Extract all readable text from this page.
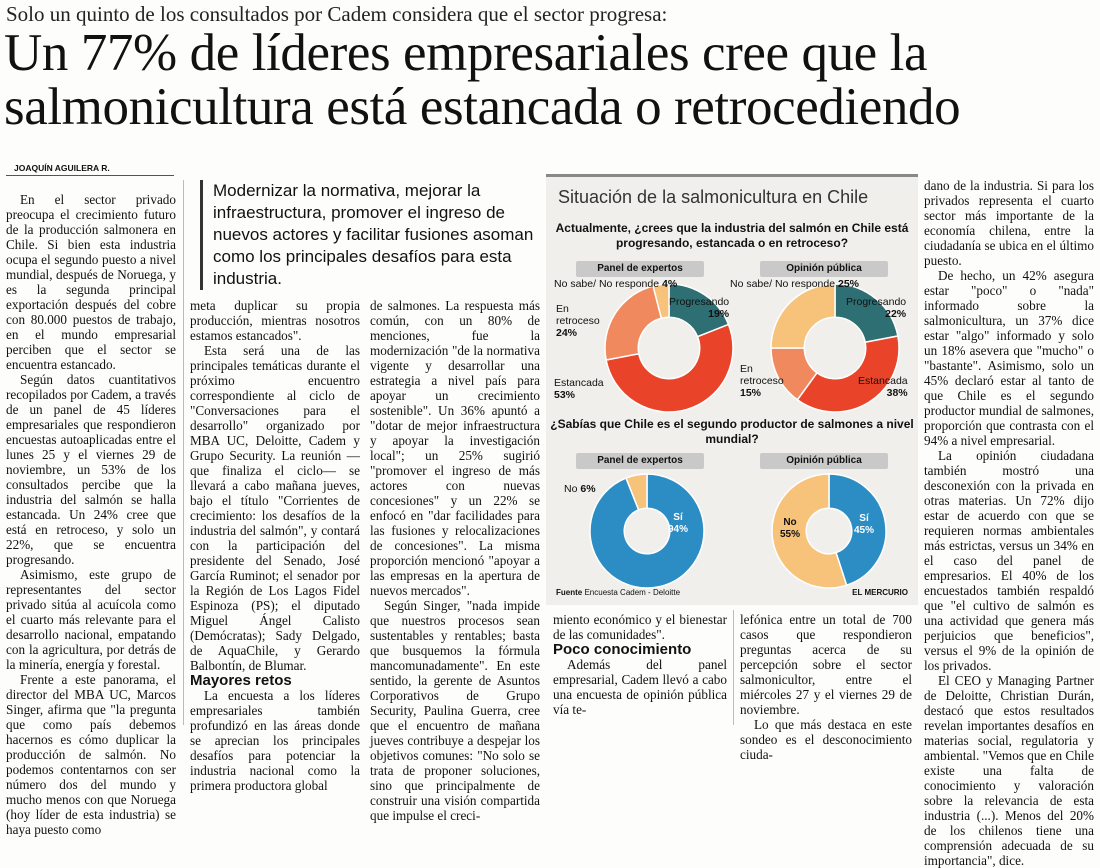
Solo un quinto de los consultados por Cadem considera que el sector progresa:
Un 77% de líderes empresariales cree que la salmonicultura está estancada o retrocediendo
JOAQUÍN AGUILERA R.

En el sector privado preocupa el crecimiento futuro de la producción salmonera en Chile. Si bien esta industria ocupa el segundo puesto a nivel mundial, después de Noruega, y es la segunda principal exportación después del cobre con 80.000 puestos de trabajo, en el mundo empresarial perciben que el sector se encuentra estancado.

Según datos cuantitativos recopilados por Cadem, a través de un panel de 45 líderes empresariales que respondieron encuestas autoaplicadas entre el lunes 25 y el viernes 29 de noviembre, un 53% de los consultados percibe que la industria del salmón se halla estancada. Un 24% cree que está en retroceso, y solo un 22%, que se encuentra progresando.

Asimismo, este grupo de representantes del sector privado sitúa al acuícola como el cuarto más relevante para el desarrollo nacional, empatando con la agricultura, por detrás de la minería, energía y forestal.

Frente a este panorama, el director del MBA UC, Marcos Singer, afirma que "la pregunta que como país debemos hacernos es cómo duplicar la producción de salmón. No podemos contentarnos con ser número dos del mundo y mucho menos con que Noruega (hoy líder de esta industria) se haya puesto como

Modernizar la normativa, mejorar la infraestructura, promover el ingreso de nuevos actores y facilitar fusiones asoman como los principales desafíos para esta industria.

meta duplicar su propia producción, mientras nosotros estamos estancados".

Esta será una de las principales temáticas durante el próximo encuentro correspondiente al ciclo de "Conversaciones para el desarrollo" organizado por MBA UC, Deloitte, Cadem y Grupo Security. La reunión —que finaliza el ciclo— se llevará a cabo mañana jueves, bajo el título "Corrientes de crecimiento: los desafíos de la industria del salmón", y contará con la participación del presidente del Senado, José García Ruminot; el senador por la Región de Los Lagos Fidel Espinoza (PS); el diputado Miguel Ángel Calisto (Demócratas); Sady Delgado, de AquaChile, y Gerardo Balbontín, de Blumar.

Mayores retos

La encuesta a los líderes empresariales también profundizó en las áreas donde se aprecian los principales desafíos para potenciar la industria nacional como la primera productora global

de salmones. La respuesta más común, con un 80% de menciones, fue la modernización "de la normativa vigente y desarrollar una estrategia a nivel país para apoyar un crecimiento sostenible". Un 36% apuntó a "dotar de mejor infraestructura y apoyar la investigación local"; un 25% sugirió "promover el ingreso de más actores con nuevas concesiones" y un 22% se enfocó en "dar facilidades para las fusiones y relocalizaciones de concesiones". La misma proporción mencionó "apoyar a las empresas en la apertura de nuevos mercados".

Según Singer, "nada impide que nuestros procesos sean sustentables y rentables; basta que busquemos la fórmula mancomunadamente". En este sentido, la gerente de Asuntos Corporativos de Grupo Security, Paulina Guerra, cree que el encuentro de mañana jueves contribuye a despejar los objetivos comunes: "No solo se trata de proponer soluciones, sino que principalmente de construir una visión compartida que impulse el creci-

Situación de la salmonicultura en Chile
Actualmente, ¿crees que la industria del salmón en Chile está progresando, estancada o en retroceso?
Panel de expertos	Opinión pública
No sabe/ No responde 4%
Progresando
19%
En retroceso
24%
Estancada
53%
No sabe/ No responde 25%
Progresando
22%
En retroceso
15%
Estancada
38%
¿Sabías que Chile es el segundo productor de salmones a nivel mundial?
Panel de expertos	Opinión pública
No 6%
Sí
94%
No
55%
Sí
45%
Fuente Encuesta Cadem - Deloitte	EL MERCURIO

miento económico y el bienestar de las comunidades".

Poco conocimiento

Además del panel empresarial, Cadem llevó a cabo una encuesta de opinión pública vía te-

lefónica entre un total de 700 casos que respondieron preguntas acerca de su percepción sobre el sector salmonicultor, entre el miércoles 27 y el viernes 29 de noviembre.

Lo que más destaca en este sondeo es el desconocimiento ciuda-

dano de la industria. Si para los privados representa el cuarto sector más importante de la economía chilena, entre la ciudadanía se ubica en el último puesto.

De hecho, un 42% asegura estar "poco" o "nada" informado sobre la salmonicultura, un 37% dice estar "algo" informado y solo un 18% asevera que "mucho" o "bastante". Asimismo, solo un 45% declaró estar al tanto de que Chile es el segundo productor mundial de salmones, proporción que contrasta con el 94% a nivel empresarial.

La opinión ciudadana también mostró una desconexión con la privada en otras materias. Un 72% dijo estar de acuerdo con que se requieren normas ambientales más estrictas, versus un 34% en el caso del panel de empresarios. El 40% de los encuestados también respaldó que "el cultivo de salmón es una actividad que genera más perjuicios que beneficios", versus el 9% de la opinión de los privados.

El CEO y Managing Partner de Deloitte, Christian Durán, destacó que estos resultados revelan importantes desafíos en materias social, regulatoria y ambiental. "Vemos que en Chile existe una falta de conocimiento y valoración sobre la relevancia de esta industria (...). Menos del 20% de los chilenos tiene una comprensión adecuada de su importancia", dice.
